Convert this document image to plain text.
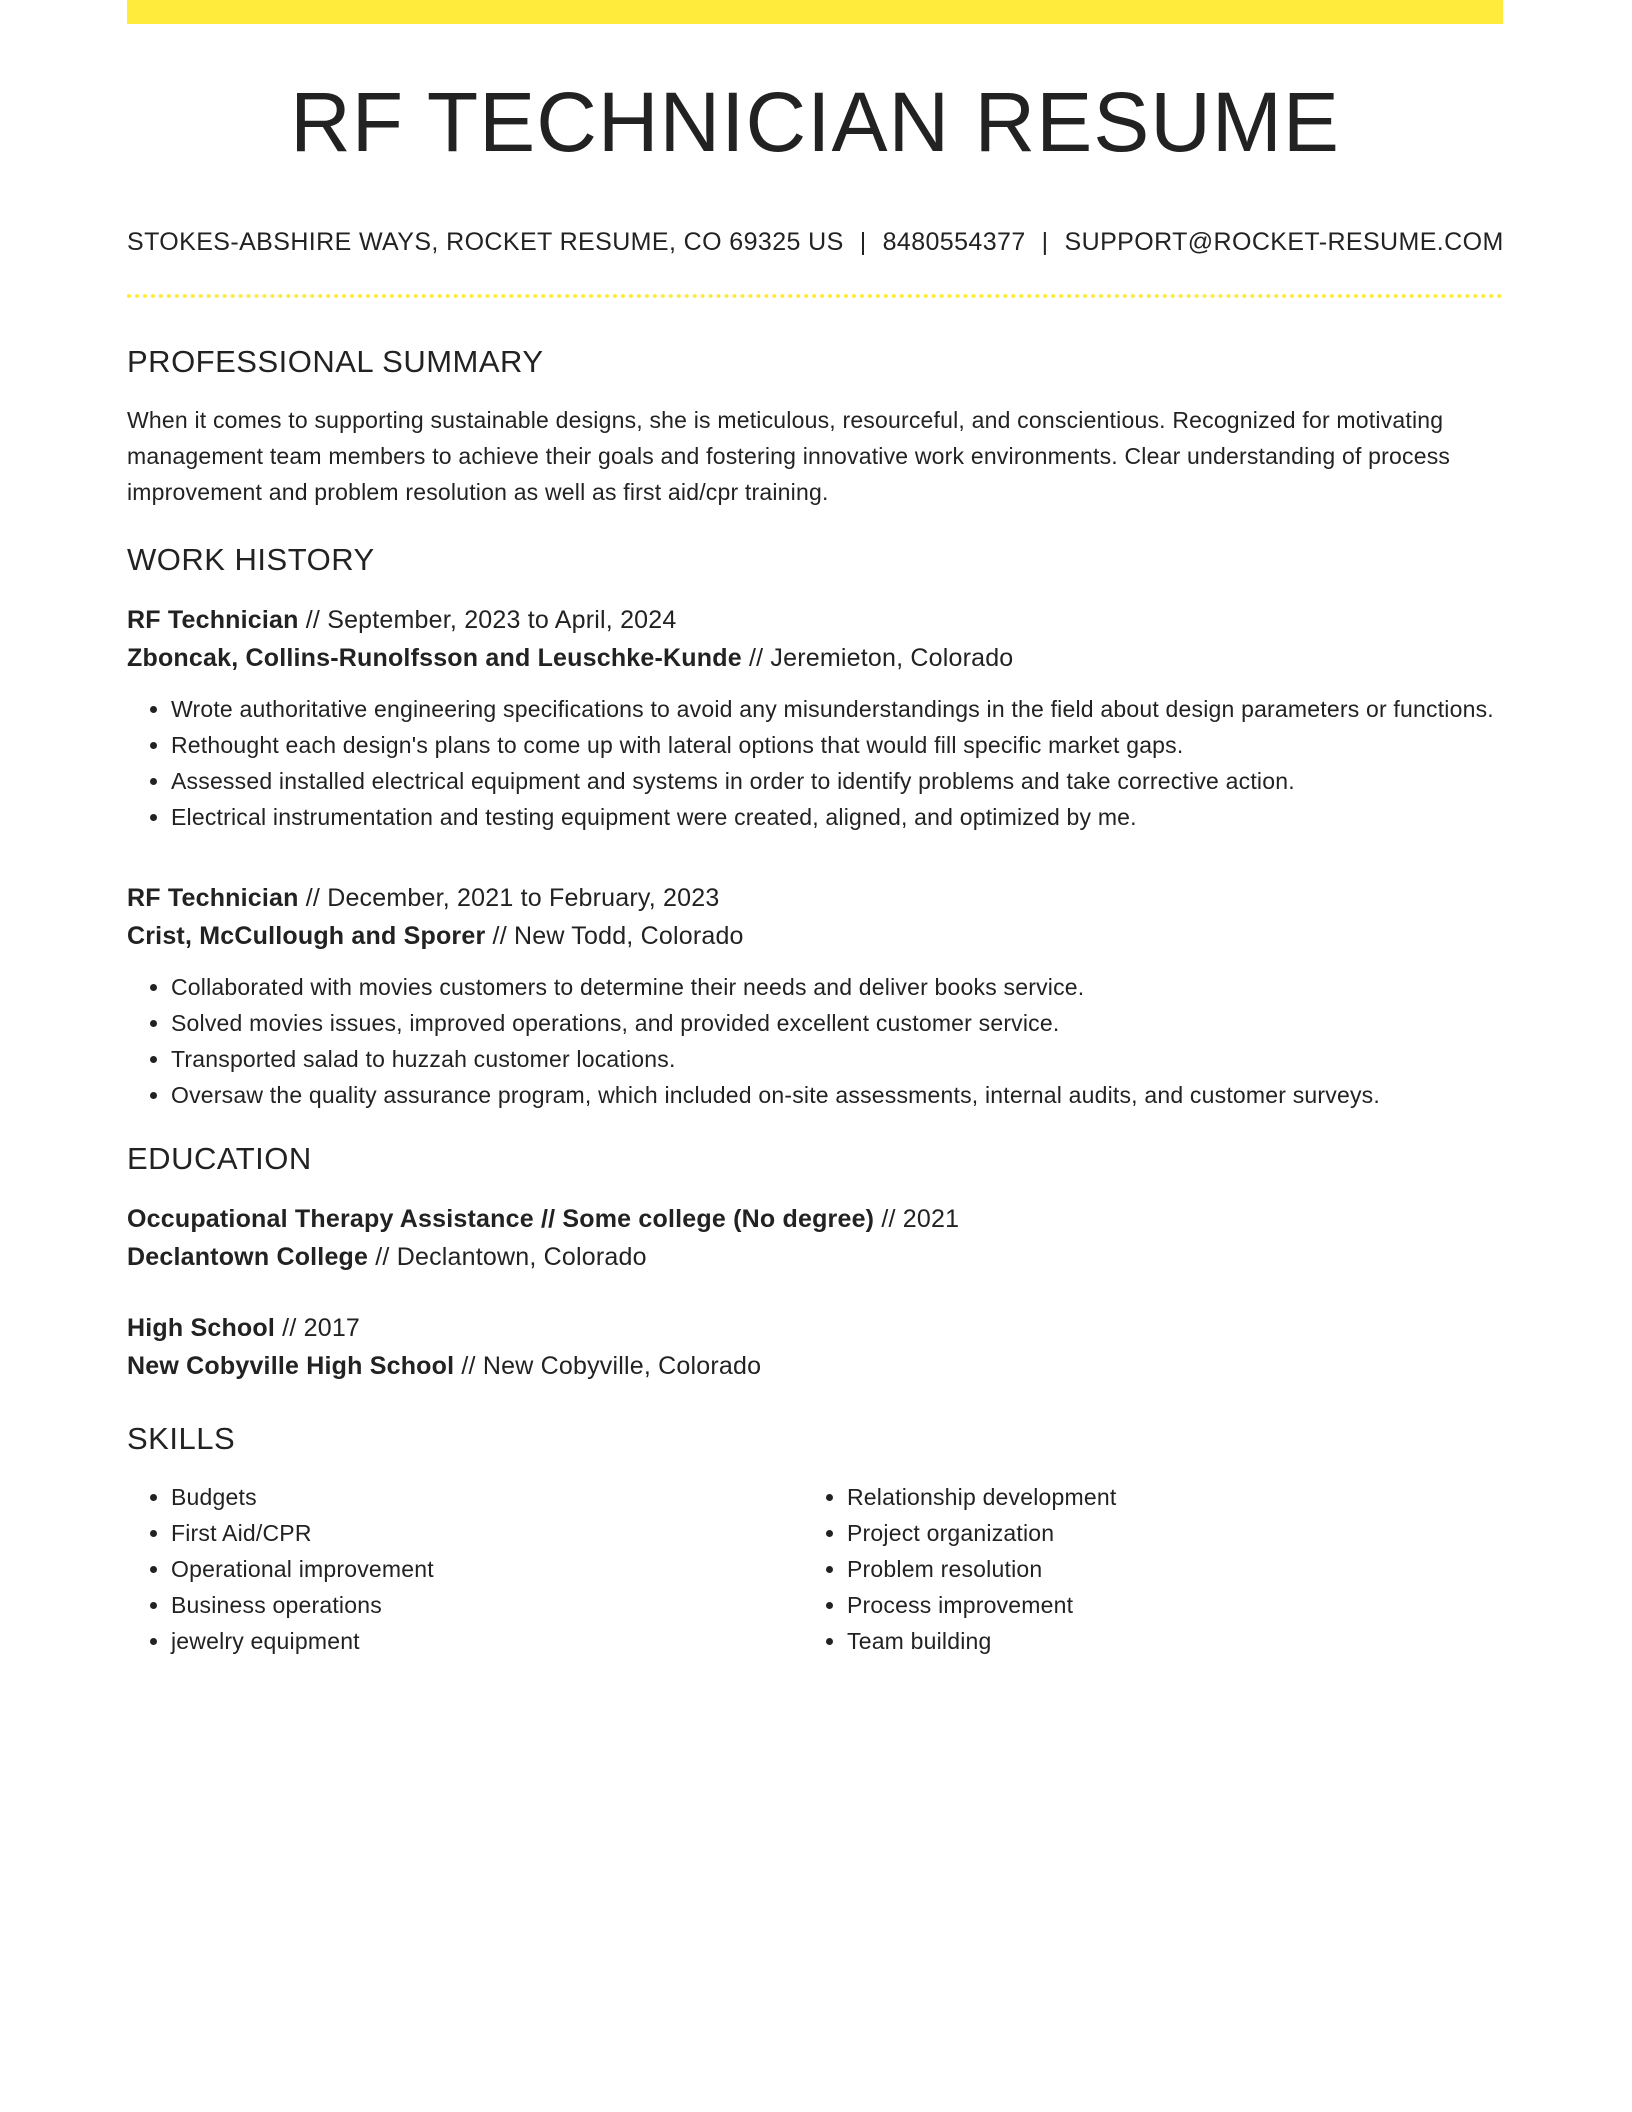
RF TECHNICIAN RESUME
STOKES-ABSHIRE WAYS, ROCKET RESUME, CO 69325 US | 8480554377 | SUPPORT@ROCKET-RESUME.COM
PROFESSIONAL SUMMARY
When it comes to supporting sustainable designs, she is meticulous, resourceful, and conscientious. Recognized for motivating management team members to achieve their goals and fostering innovative work environments. Clear understanding of process improvement and problem resolution as well as first aid/cpr training.
WORK HISTORY
RF Technician // September, 2023 to April, 2024
Zboncak, Collins-Runolfsson and Leuschke-Kunde // Jeremieton, Colorado
• Wrote authoritative engineering specifications to avoid any misunderstandings in the field about design parameters or functions.
• Rethought each design's plans to come up with lateral options that would fill specific market gaps.
• Assessed installed electrical equipment and systems in order to identify problems and take corrective action.
• Electrical instrumentation and testing equipment were created, aligned, and optimized by me.
RF Technician // December, 2021 to February, 2023
Crist, McCullough and Sporer // New Todd, Colorado
• Collaborated with movies customers to determine their needs and deliver books service.
• Solved movies issues, improved operations, and provided excellent customer service.
• Transported salad to huzzah customer locations.
• Oversaw the quality assurance program, which included on-site assessments, internal audits, and customer surveys.
EDUCATION
Occupational Therapy Assistance // Some college (No degree) // 2021
Declantown College // Declantown, Colorado
High School // 2017
New Cobyville High School // New Cobyville, Colorado
SKILLS
• Budgets
• First Aid/CPR
• Operational improvement
• Business operations
• jewelry equipment
• Relationship development
• Project organization
• Problem resolution
• Process improvement
• Team building
